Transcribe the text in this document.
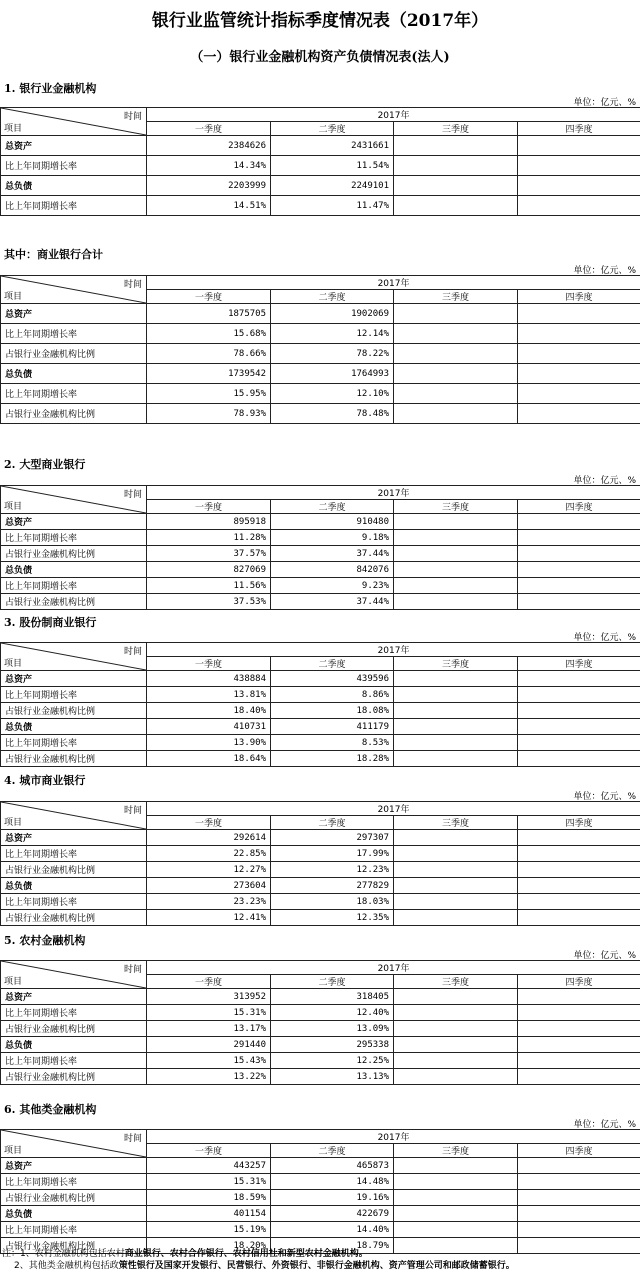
银行业监管统计指标季度情况表（2017年）
（一）银行业金融机构资产负债情况表(法人)
1. 银行业金融机构
单位：亿元、%
时间
项目	2017年			
	一季度	二季度	三季度	四季度
总资产	2384626	2431661		
比上年同期增长率	14.34%	11.54%		
总负债	2203999	2249101		
比上年同期增长率	14.51%	11.47%		
其中：商业银行合计
单位：亿元、%
时间
项目	2017年			
	一季度	二季度	三季度	四季度
总资产	1875705	1902069		
比上年同期增长率	15.68%	12.14%		
占银行业金融机构比例	78.66%	78.22%		
总负债	1739542	1764993		
比上年同期增长率	15.95%	12.10%		
占银行业金融机构比例	78.93%	78.48%		
2. 大型商业银行
单位：亿元、%
时间
项目	2017年			
	一季度	二季度	三季度	四季度
总资产	895918	910480		
比上年同期增长率	11.28%	9.18%		
占银行业金融机构比例	37.57%	37.44%		
总负债	827069	842076		
比上年同期增长率	11.56%	9.23%		
占银行业金融机构比例	37.53%	37.44%		
3. 股份制商业银行
单位：亿元、%
时间
项目	2017年			
	一季度	二季度	三季度	四季度
总资产	438884	439596		
比上年同期增长率	13.81%	8.86%		
占银行业金融机构比例	18.40%	18.08%		
总负债	410731	411179		
比上年同期增长率	13.90%	8.53%		
占银行业金融机构比例	18.64%	18.28%		
4. 城市商业银行
单位：亿元、%
时间
项目	2017年			
	一季度	二季度	三季度	四季度
总资产	292614	297307		
比上年同期增长率	22.85%	17.99%		
占银行业金融机构比例	12.27%	12.23%		
总负债	273604	277829		
比上年同期增长率	23.23%	18.03%		
占银行业金融机构比例	12.41%	12.35%		
5. 农村金融机构
单位：亿元、%
时间
项目	2017年			
	一季度	二季度	三季度	四季度
总资产	313952	318405		
比上年同期增长率	15.31%	12.40%		
占银行业金融机构比例	13.17%	13.09%		
总负债	291440	295338		
比上年同期增长率	15.43%	12.25%		
占银行业金融机构比例	13.22%	13.13%		
6. 其他类金融机构
单位：亿元、%
时间
项目	2017年			
	一季度	二季度	三季度	四季度
总资产	443257	465873		
比上年同期增长率	15.31%	14.48%		
占银行业金融机构比例	18.59%	19.16%		
总负债	401154	422679		
比上年同期增长率	15.19%	14.40%		
占银行业金融机构比例	18.20%	18.79%		
注：1、农村金融机构包括农村商业银行、农村合作银行、农村信用社和新型农村金融机构。
2、其他类金融机构包括政策性银行及国家开发银行、民营银行、外资银行、非银行金融机构、资产管理公司和邮政储蓄银行。
